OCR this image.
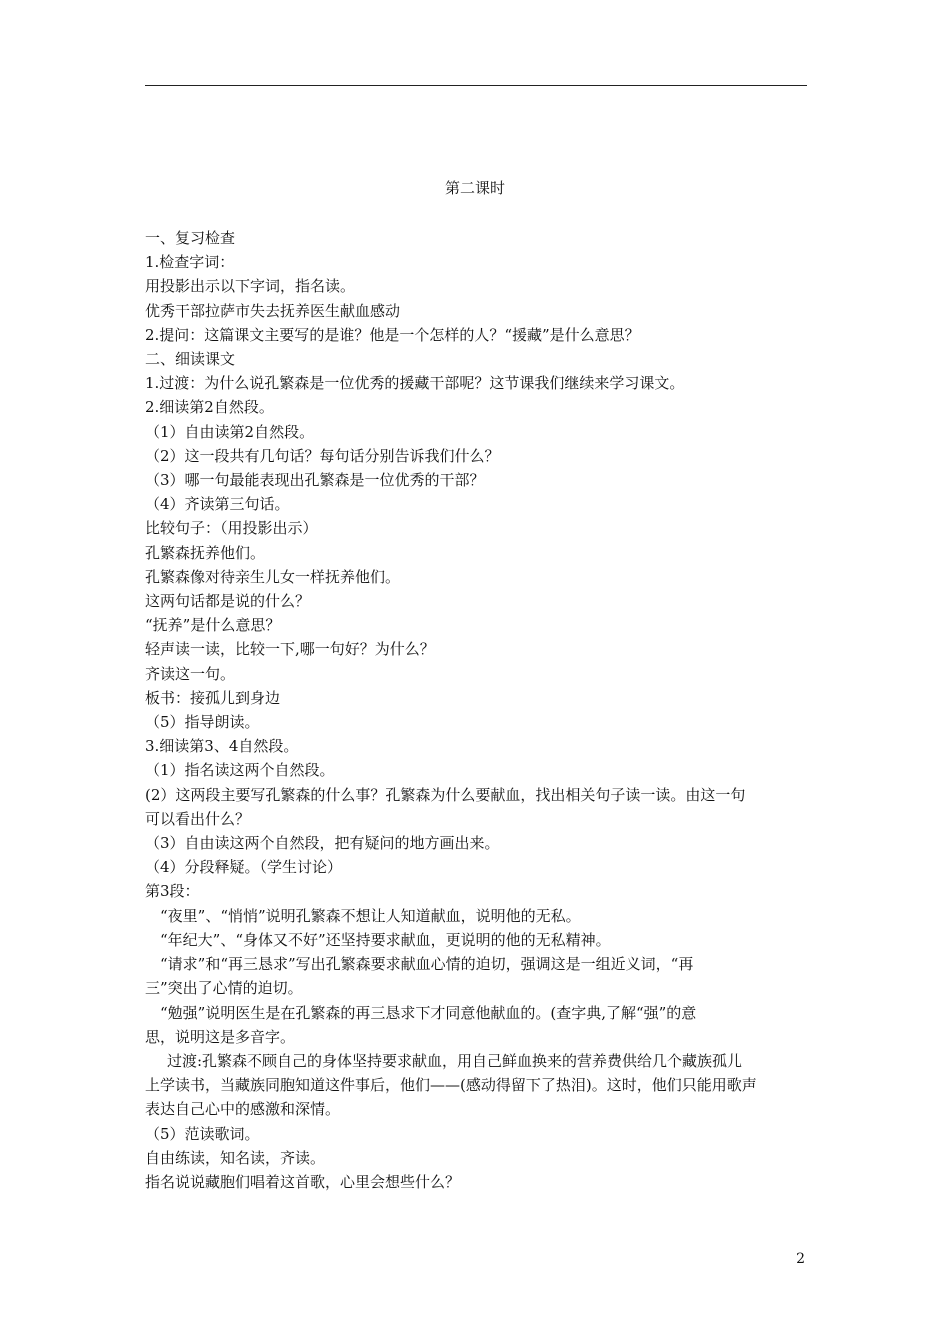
第二课时
一、复习检查
1.检查字词：
用投影出示以下字词，指名读。
优秀干部拉萨市失去抚养医生献血感动
2.提问：这篇课文主要写的是谁？他是一个怎样的人？“援藏”是什么意思？
二、细读课文
1.过渡：为什么说孔繁森是一位优秀的援藏干部呢？这节课我们继续来学习课文。
2.细读第2自然段。
（1）自由读第2自然段。
（2）这一段共有几句话？每句话分别告诉我们什么？
（3）哪一句最能表现出孔繁森是一位优秀的干部？
（4）齐读第三句话。
比较句子：（用投影出示）
孔繁森抚养他们。
孔繁森像对待亲生儿女一样抚养他们。
这两句话都是说的什么？
“抚养”是什么意思？
轻声读一读，比较一下,哪一句好？为什么？
齐读这一句。
板书：接孤儿到身边
（5）指导朗读。
3.细读第3、4自然段。
（1）指名读这两个自然段。
(2）这两段主要写孔繁森的什么事？孔繁森为什么要献血，找出相关句子读一读。由这一句
可以看出什么？
（3）自由读这两个自然段，把有疑问的地方画出来。
（4）分段释疑。（学生讨论）
第3段：
“夜里”、“悄悄”说明孔繁森不想让人知道献血，说明他的无私。
“年纪大”、“身体又不好”还坚持要求献血，更说明的他的无私精神。
“请求”和“再三恳求”写出孔繁森要求献血心情的迫切，强调这是一组近义词，“再
三”突出了心情的迫切。
“勉强”说明医生是在孔繁森的再三恳求下才同意他献血的。(查字典,了解“强”的意
思，说明这是多音字。
过渡:孔繁森不顾自己的身体坚持要求献血，用自己鲜血换来的营养费供给几个藏族孤儿
上学读书，当藏族同胞知道这件事后，他们——(感动得留下了热泪)。这时，他们只能用歌声
表达自己心中的感激和深情。
（5）范读歌词。
自由练读，知名读，齐读。
指名说说藏胞们唱着这首歌，心里会想些什么？
2
